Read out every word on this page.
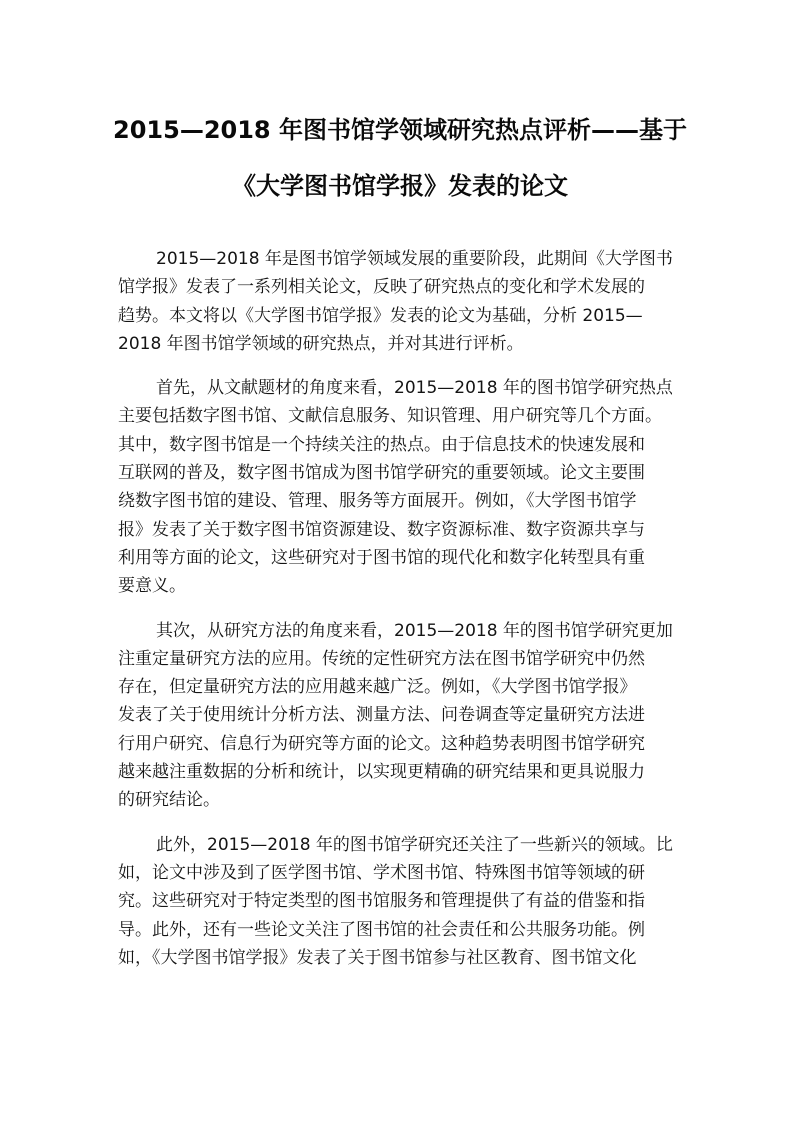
2015—2018 年图书馆学领域研究热点评析——基于
《大学图书馆学报》发表的论文

2015—2018 年是图书馆学领域发展的重要阶段，此期间《大学图书
馆学报》发表了一系列相关论文，反映了研究热点的变化和学术发展的
趋势。本文将以《大学图书馆学报》发表的论文为基础，分析 2015—
2018 年图书馆学领域的研究热点，并对其进行评析。

首先，从文献题材的角度来看，2015—2018 年的图书馆学研究热点
主要包括数字图书馆、文献信息服务、知识管理、用户研究等几个方面。
其中，数字图书馆是一个持续关注的热点。由于信息技术的快速发展和
互联网的普及，数字图书馆成为图书馆学研究的重要领域。论文主要围
绕数字图书馆的建设、管理、服务等方面展开。例如，《大学图书馆学
报》发表了关于数字图书馆资源建设、数字资源标准、数字资源共享与
利用等方面的论文，这些研究对于图书馆的现代化和数字化转型具有重
要意义。

其次，从研究方法的角度来看，2015—2018 年的图书馆学研究更加
注重定量研究方法的应用。传统的定性研究方法在图书馆学研究中仍然
存在，但定量研究方法的应用越来越广泛。例如，《大学图书馆学报》
发表了关于使用统计分析方法、测量方法、问卷调查等定量研究方法进
行用户研究、信息行为研究等方面的论文。这种趋势表明图书馆学研究
越来越注重数据的分析和统计，以实现更精确的研究结果和更具说服力
的研究结论。

此外，2015—2018 年的图书馆学研究还关注了一些新兴的领域。比
如，论文中涉及到了医学图书馆、学术图书馆、特殊图书馆等领域的研
究。这些研究对于特定类型的图书馆服务和管理提供了有益的借鉴和指
导。此外，还有一些论文关注了图书馆的社会责任和公共服务功能。例
如，《大学图书馆学报》发表了关于图书馆参与社区教育、图书馆文化
